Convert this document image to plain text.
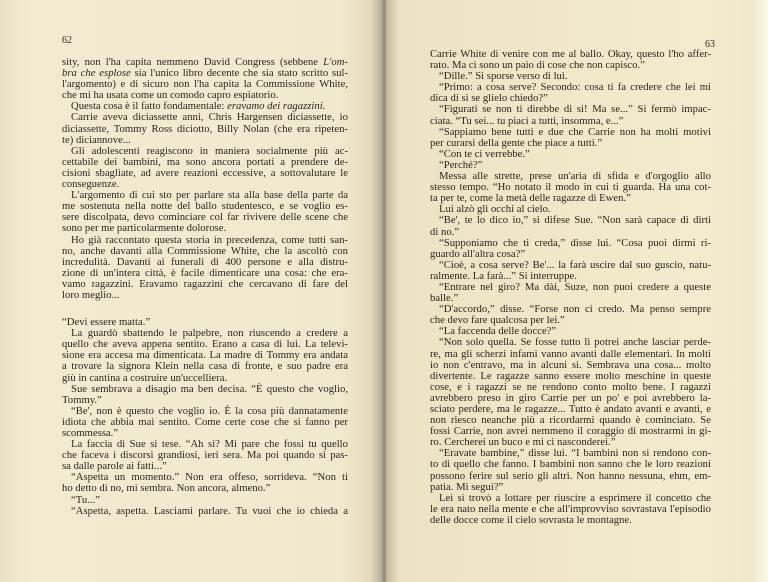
62
sity, non l'ha capita nemmeno David Congress (sebbene L'om-
bra che esplose sia l'unico libro decente che sia stato scritto sul-
l'argomento) e di sicuro non l'ha capita la Commissione White,
che mi ha usata come un comodo capro espiatorio.
Questa cosa è il fatto fondamentale: eravamo dei ragazzini.
Carrie aveva diciassette anni, Chris Hargensen diciassette, io
diciassette, Tommy Ross diciotto, Billy Nolan (che era ripeten-
te) diciannove...
Gli adolescenti reagiscono in maniera socialmente più ac-
cettabile dei bambini, ma sono ancora portati a prendere de-
cisioni sbagliate, ad avere reazioni eccessive, a sottovalutare le
conseguenze.
L'argomento di cui sto per parlare sta alla base della parte da
me sostenuta nella notte del ballo studentesco, e se voglio es-
sere discolpata, devo cominciare col far rivivere delle scene che
sono per me particolarmente dolorose.
Ho già raccontato questa storia in precedenza, come tutti san-
no, anche davanti alla Commissione White, che la ascoltò con
incredulità. Davanti ai funerali di 400 persone e alla distru-
zione di un'intera città, è facile dimenticare una cosa: che era-
vamo ragazzini. Eravamo ragazzini che cercavano di fare del
loro meglio...
“Devi essere matta.”
La guardò sbattendo le palpebre, non riuscendo a credere a
quello che aveva appena sentito. Erano a casa di lui. La televi-
sione era accesa ma dimenticata. La madre di Tommy era andata
a trovare la signora Klein nella casa di fronte, e suo padre era
giù in cantina a costruire un'uccelliera.
Sue sembrava a disagio ma ben decisa. “È questo che voglio,
Tommy.”
“Be', non è questo che voglio io. È la cosa più dannatamente
idiota che abbia mai sentito. Come certe cose che si fanno per
scommessa.”
La faccia di Sue si tese. “Ah sì? Mi pare che fossi tu quello
che faceva i discorsi grandiosi, ieri sera. Ma poi quando si pas-
sa dalle parole ai fatti...”
“Aspetta un momento.” Non era offeso, sorrideva. “Non ti
ho detto di no, mi sembra. Non ancora, almeno.”
“Tu...”
“Aspetta, aspetta. Lasciami parlare. Tu vuoi che io chieda a
63
Carrie White di venire con me al ballo. Okay, questo l'ho affer-
rato. Ma ci sono un paio di cose che non capisco.”
“Dille.” Si sporse verso di lui.
“Primo: a cosa serve? Secondo: cosa ti fa credere che lei mi
dica di sì se glielo chiedo?”
“Figurati se non ti direbbe di sì! Ma se...” Si fermò impac-
ciata. “Tu sei... tu piaci a tutti, insomma, e...”
“Sappiamo bene tutti e due che Carrie non ha molti motivi
per curarsi della gente che piace a tutti.”
“Con te ci verrebbe.”
“Perché?”
Messa alle strette, prese un'aria di sfida e d'orgoglio allo
stesso tempo. “Ho notato il modo in cui ti guarda. Ha una cot-
ta per te, come la metà delle ragazze di Ewen.”
Lui alzò gli occhi al cielo.
“Be', te lo dico io,” si difese Sue. “Non sarà capace di dirti
di no.”
“Supponiamo che ti creda,” disse lui. “Cosa puoi dirmi ri-
guardo all'altra cosa?”
“Cioè, a cosa serve? Be'... la farà uscire dal suo guscio, natu-
ralmente. La farà...” Si interruppe.
“Entrare nel giro? Ma dài, Suze, non puoi credere a queste
balle.”
“D'accordo,” disse. “Forse non ci credo. Ma penso sempre
che devo fare qualcosa per lei.”
“La faccenda delle docce?”
“Non solo quella. Se fosse tutto lì potrei anche lasciar perde-
re, ma gli scherzi infami vanno avanti dalle elementari. In molti
io non c'entravo, ma in alcuni sì. Sembrava una cosa... molto
divertente. Le ragazze sanno essere molto meschine in queste
cose, e i ragazzi se ne rendono conto molto bene. I ragazzi
avrebbero preso in giro Carrie per un po' e poi avrebbero la-
sciato perdere, ma le ragazze... Tutto è andato avanti e avanti, e
non riesco neanche più a ricordarmi quando è cominciato. Se
fossi Carrie, non avrei nemmeno il coraggio di mostrarmi in gi-
ro. Cercherei un buco e mi ci nasconderei.”
“Eravate bambine,” disse lui. “I bambini non si rendono con-
to di quello che fanno. I bambini non sanno che le loro reazioni
possono ferire sul serio gli altri. Non hanno nessuna, ehm, em-
patia. Mi segui?”
Lei si trovò a lottare per riuscire a esprimere il concetto che
le era nato nella mente e che all'improvviso sovrastava l'episodio
delle docce come il cielo sovrasta le montagne.
